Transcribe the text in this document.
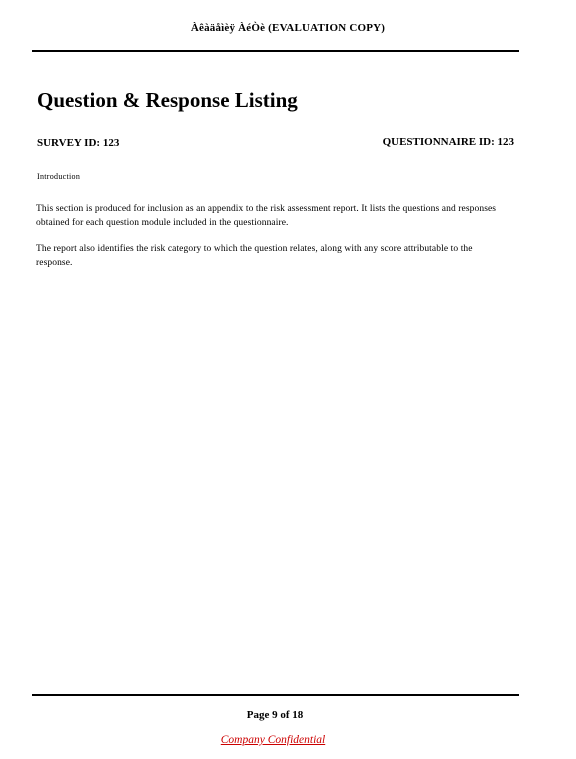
Àêàäåìèÿ ÀéÒè (EVALUATION COPY)
Question & Response Listing
SURVEY ID: 123	QUESTIONNAIRE ID: 123
Introduction

This section is produced for inclusion as an appendix to the risk assessment report. It lists the questions and responses obtained for each question module included in the questionnaire.

The report also identifies the risk category to which the question relates, along with any score attributable to the response.

Page 9 of 18
Company Confidential
